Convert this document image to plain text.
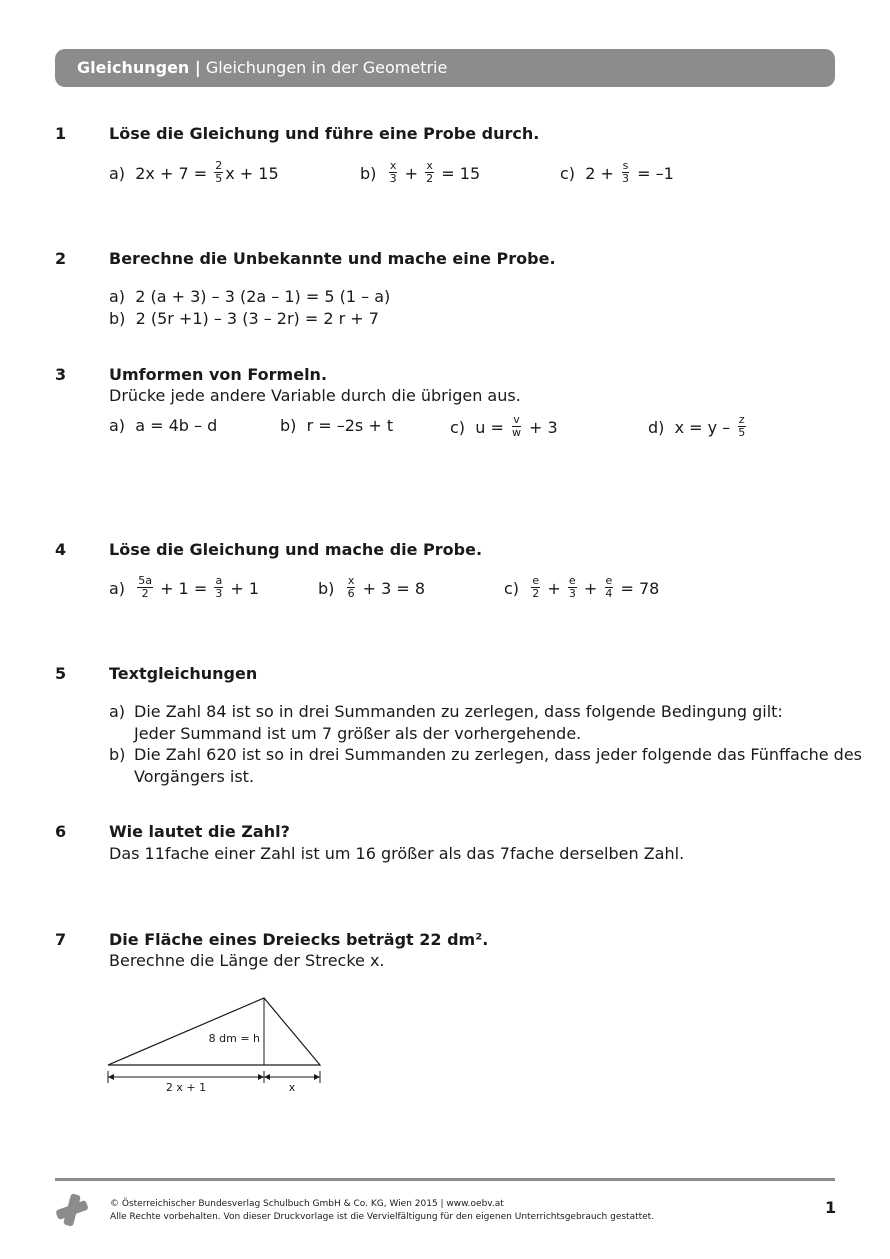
Gleichungen | Gleichungen in der Geometrie
1	Löse die Gleichung und führe eine Probe durch.
a) $2x + 7 = \frac{2}{5}$ x + 15	$b) \frac{x}{3} + \frac{x}{2} = 15$	c) $2 + \frac{s}{3} = -1$
2	Berechne die Unbekannte und mache eine Probe.
a) 2 (a + 3) – 3 (2a – 1) = 5 (1 – a)
b) 2 (5r +1) – 3 (3 – 2r) = 2 r + 7
3	Umformen von Formeln.
Drücke jede andere Variable durch die übrigen aus.
a) a = 4b – d	b) r = –2s + t	c) $u = \frac{v}{w} + 3$	d) $x = y - \frac{z}{5}$
4	Löse die Gleichung und mache die Probe.
$a) \frac{5a}{2} + 1 = \frac{a}{3} + 1$	$b) \frac{x}{6} + 3 = 8$	$c) \frac{e}{2} + \frac{e}{3} + \frac{e}{4} = 78$
5	Textgleichungen
a) Die Zahl 84 ist so in drei Summanden zu zerlegen, dass folgende Bedingung gilt:
Jeder Summand ist um 7 größer als der vorhergehende.
b) Die Zahl 620 ist so in drei Summanden zu zerlegen, dass jeder folgende das Fünffache des
Vorgängers ist.
6	Wie lautet die Zahl?
Das 11fache einer Zahl ist um 16 größer als das 7fache derselben Zahl.
7	Die Fläche eines Dreiecks beträgt 22 dm².
Berechne die Länge der Strecke x.
8 dm = h
2 x + 1	x
© Österreichischer Bundesverlag Schulbuch GmbH & Co. KG, Wien 2015 | www.oebv.at
Alle Rechte vorbehalten. Von dieser Druckvorlage ist die Vervielfältigung für den eigenen Unterrichtsgebrauch gestattet.	1
